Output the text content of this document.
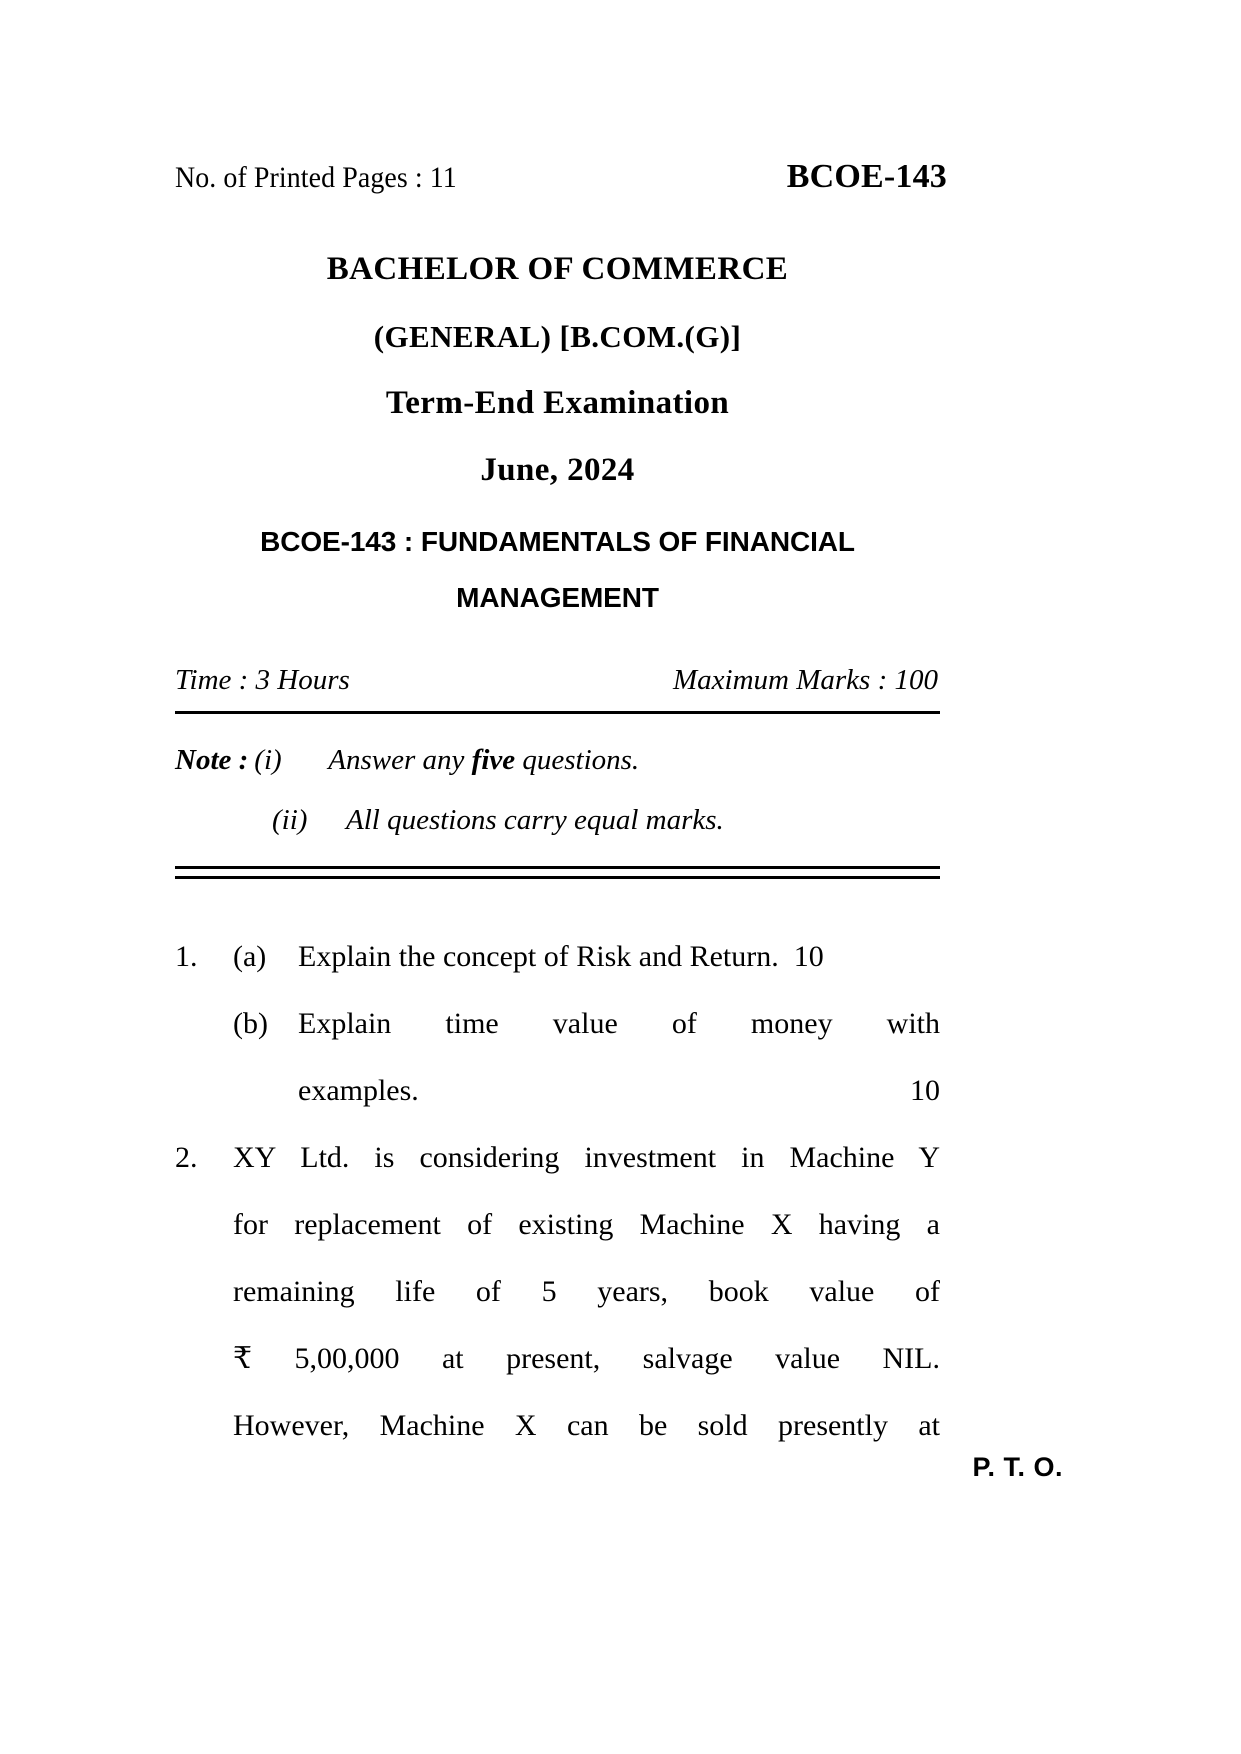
No. of Printed Pages : 11	BCOE-143
BACHELOR OF COMMERCE
(GENERAL) [B.COM.(G)]
Term-End Examination
June, 2024
BCOE-143 : FUNDAMENTALS OF FINANCIAL MANAGEMENT
Time : 3 Hours	Maximum Marks : 100
Note : (i)	Answer any five questions.
(ii)	All questions carry equal marks.
1.	(a)	Explain the concept of Risk and Return. 10
(b)	Explain time value of money with
examples.	10
2.	XY Ltd. is considering investment in Machine Y
for replacement of existing Machine X having a
remaining life of 5 years, book value of
₹ 5,00,000 at present, salvage value NIL.
However, Machine X can be sold presently at
P. T. O.
